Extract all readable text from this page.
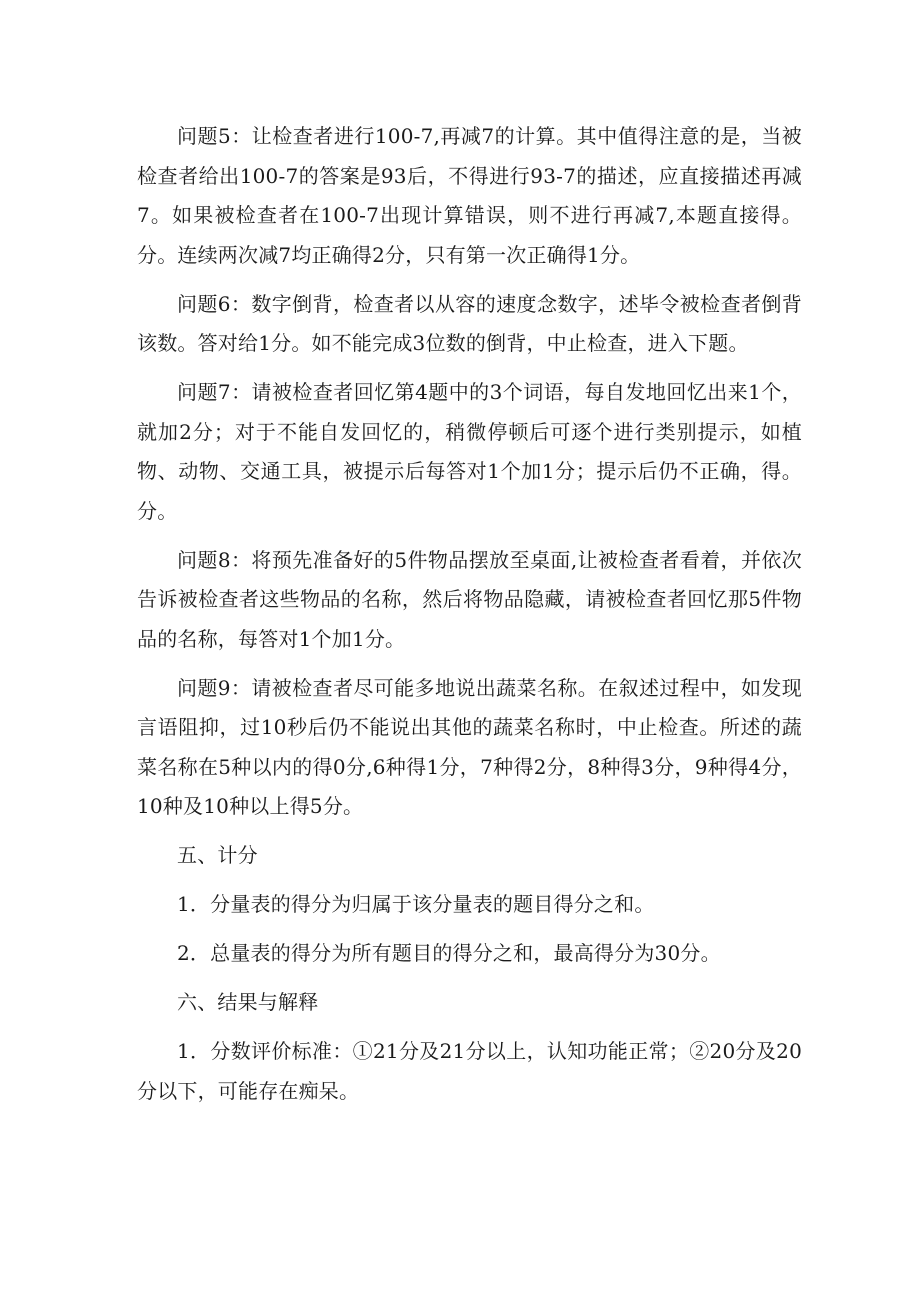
问题5：让检查者进行100-7,再减7的计算。其中值得注意的是，当被检查者给出100-7的答案是93后，不得进行93-7的描述，应直接描述再减7。如果被检查者在100-7出现计算错误，则不进行再减7,本题直接得。分。连续两次减7均正确得2分，只有第一次正确得1分。

问题6：数字倒背，检查者以从容的速度念数字，述毕令被检查者倒背该数。答对给1分。如不能完成3位数的倒背，中止检查，进入下题。

问题7：请被检查者回忆第4题中的3个词语，每自发地回忆出来1个，就加2分；对于不能自发回忆的，稍微停顿后可逐个进行类别提示，如植物、动物、交通工具，被提示后每答对1个加1分；提示后仍不正确，得。分。

问题8：将预先准备好的5件物品摆放至桌面,让被检查者看着，并依次告诉被检查者这些物品的名称，然后将物品隐藏，请被检查者回忆那5件物品的名称，每答对1个加1分。

问题9：请被检查者尽可能多地说出蔬菜名称。在叙述过程中，如发现言语阻抑，过10秒后仍不能说出其他的蔬菜名称时，中止检查。所述的蔬菜名称在5种以内的得0分,6种得1分，7种得2分，8种得3分，9种得4分，10种及10种以上得5分。

五、计分

1．分量表的得分为归属于该分量表的题目得分之和。

2．总量表的得分为所有题目的得分之和，最高得分为30分。

六、结果与解释

1．分数评价标准：①21分及21分以上，认知功能正常；②20分及20分以下，可能存在痴呆。
